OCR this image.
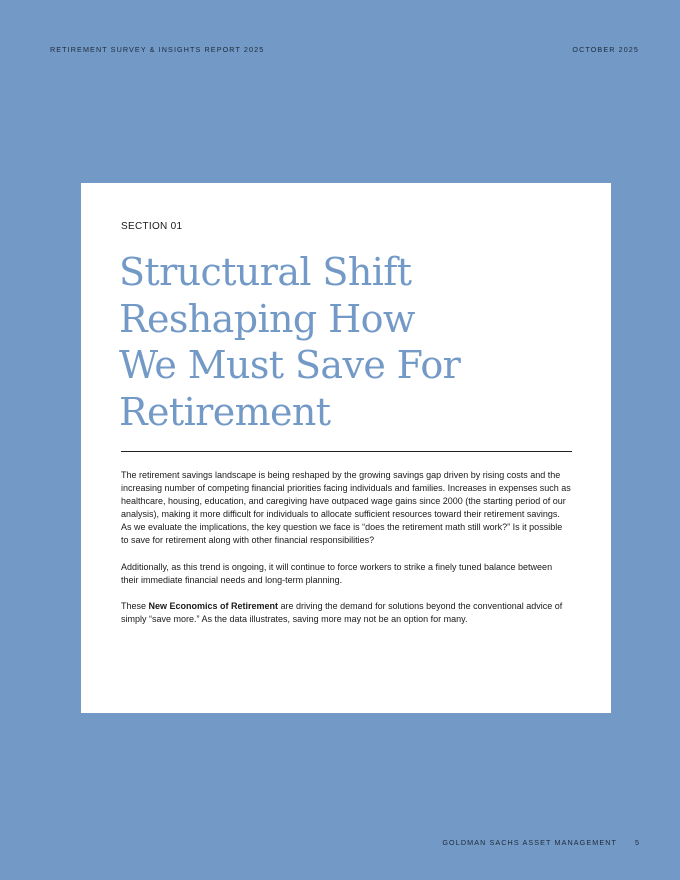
RETIREMENT SURVEY & INSIGHTS REPORT 2025	OCTOBER 2025
SECTION 01
Structural Shift
Reshaping How
We Must Save For
Retirement

The retirement savings landscape is being reshaped by the growing savings gap driven by rising costs and the increasing number of competing financial priorities facing individuals and families. Increases in expenses such as healthcare, housing, education, and caregiving have outpaced wage gains since 2000 (the starting period of our analysis), making it more difficult for individuals to allocate sufficient resources toward their retirement savings. As we evaluate the implications, the key question we face is “does the retirement math still work?” Is it possible to save for retirement along with other financial responsibilities?

Additionally, as this trend is ongoing, it will continue to force workers to strike a finely tuned balance between their immediate financial needs and long-term planning.

These New Economics of Retirement are driving the demand for solutions beyond the conventional advice of simply “save more.” As the data illustrates, saving more may not be an option for many.

GOLDMAN SACHS ASSET MANAGEMENT	5
